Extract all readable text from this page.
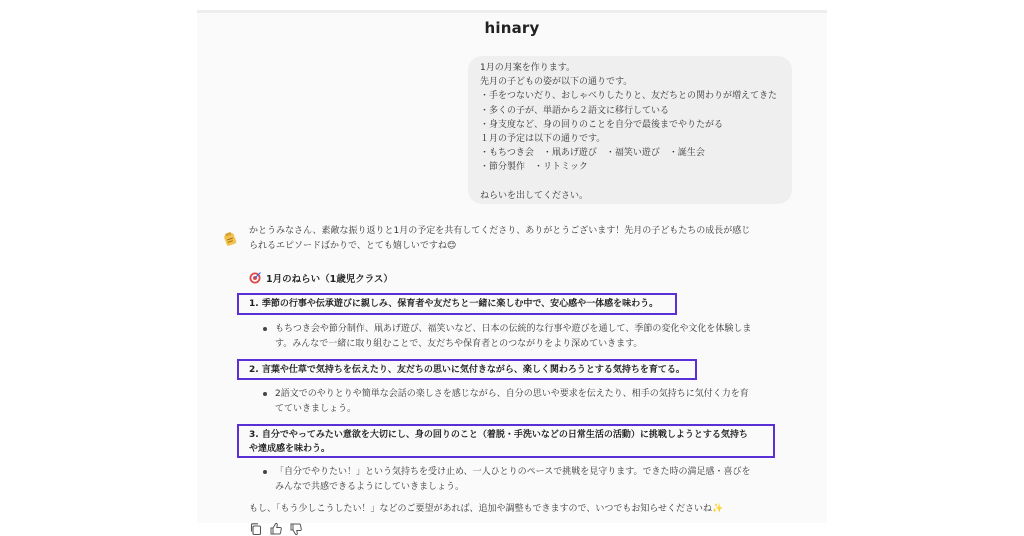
hinary
1月の月案を作ります。
先月の子どもの姿が以下の通りです。
・手をつないだり、おしゃべりしたりと、友だちとの関わりが増えてきた
・多くの子が、単語から２語文に移行している
・身支度など、身の回りのことを自分で最後までやりたがる
１月の予定は以下の通りです。
・もちつき会　・凧あげ遊び　・福笑い遊び　・誕生会
・節分製作　・リトミック
ねらいを出してください。
かとうみなさん、素敵な振り返りと1月の予定を共有してくださり、ありがとうございます！先月の子どもたちの成長が感じ
られるエピソードばかりで、とても嬉しいですね😊
1月のねらい（1歳児クラス）
1. 季節の行事や伝承遊びに親しみ、保育者や友だちと一緒に楽しむ中で、安心感や一体感を味わう。
もちつき会や節分制作、凧あげ遊び、福笑いなど、日本の伝統的な行事や遊びを通して、季節の変化や文化を体験しま
す。みんなで一緒に取り組むことで、友だちや保育者とのつながりをより深めていきます。
2. 言葉や仕草で気持ちを伝えたり、友だちの思いに気付きながら、楽しく関わろうとする気持ちを育てる。
2語文でのやりとりや簡単な会話の楽しさを感じながら、自分の思いや要求を伝えたり、相手の気持ちに気付く力を育
てていきましょう。
3. 自分でやってみたい意欲を大切にし、身の回りのこと（着脱・手洗いなどの日常生活の活動）に挑戦しようとする気持ち
や達成感を味わう。
「自分でやりたい！」という気持ちを受け止め、一人ひとりのペースで挑戦を見守ります。できた時の満足感・喜びを
みんなで共感できるようにしていきましょう。
もし、「もう少しこうしたい！」などのご要望があれば、追加や調整もできますので、いつでもお知らせくださいね✨
